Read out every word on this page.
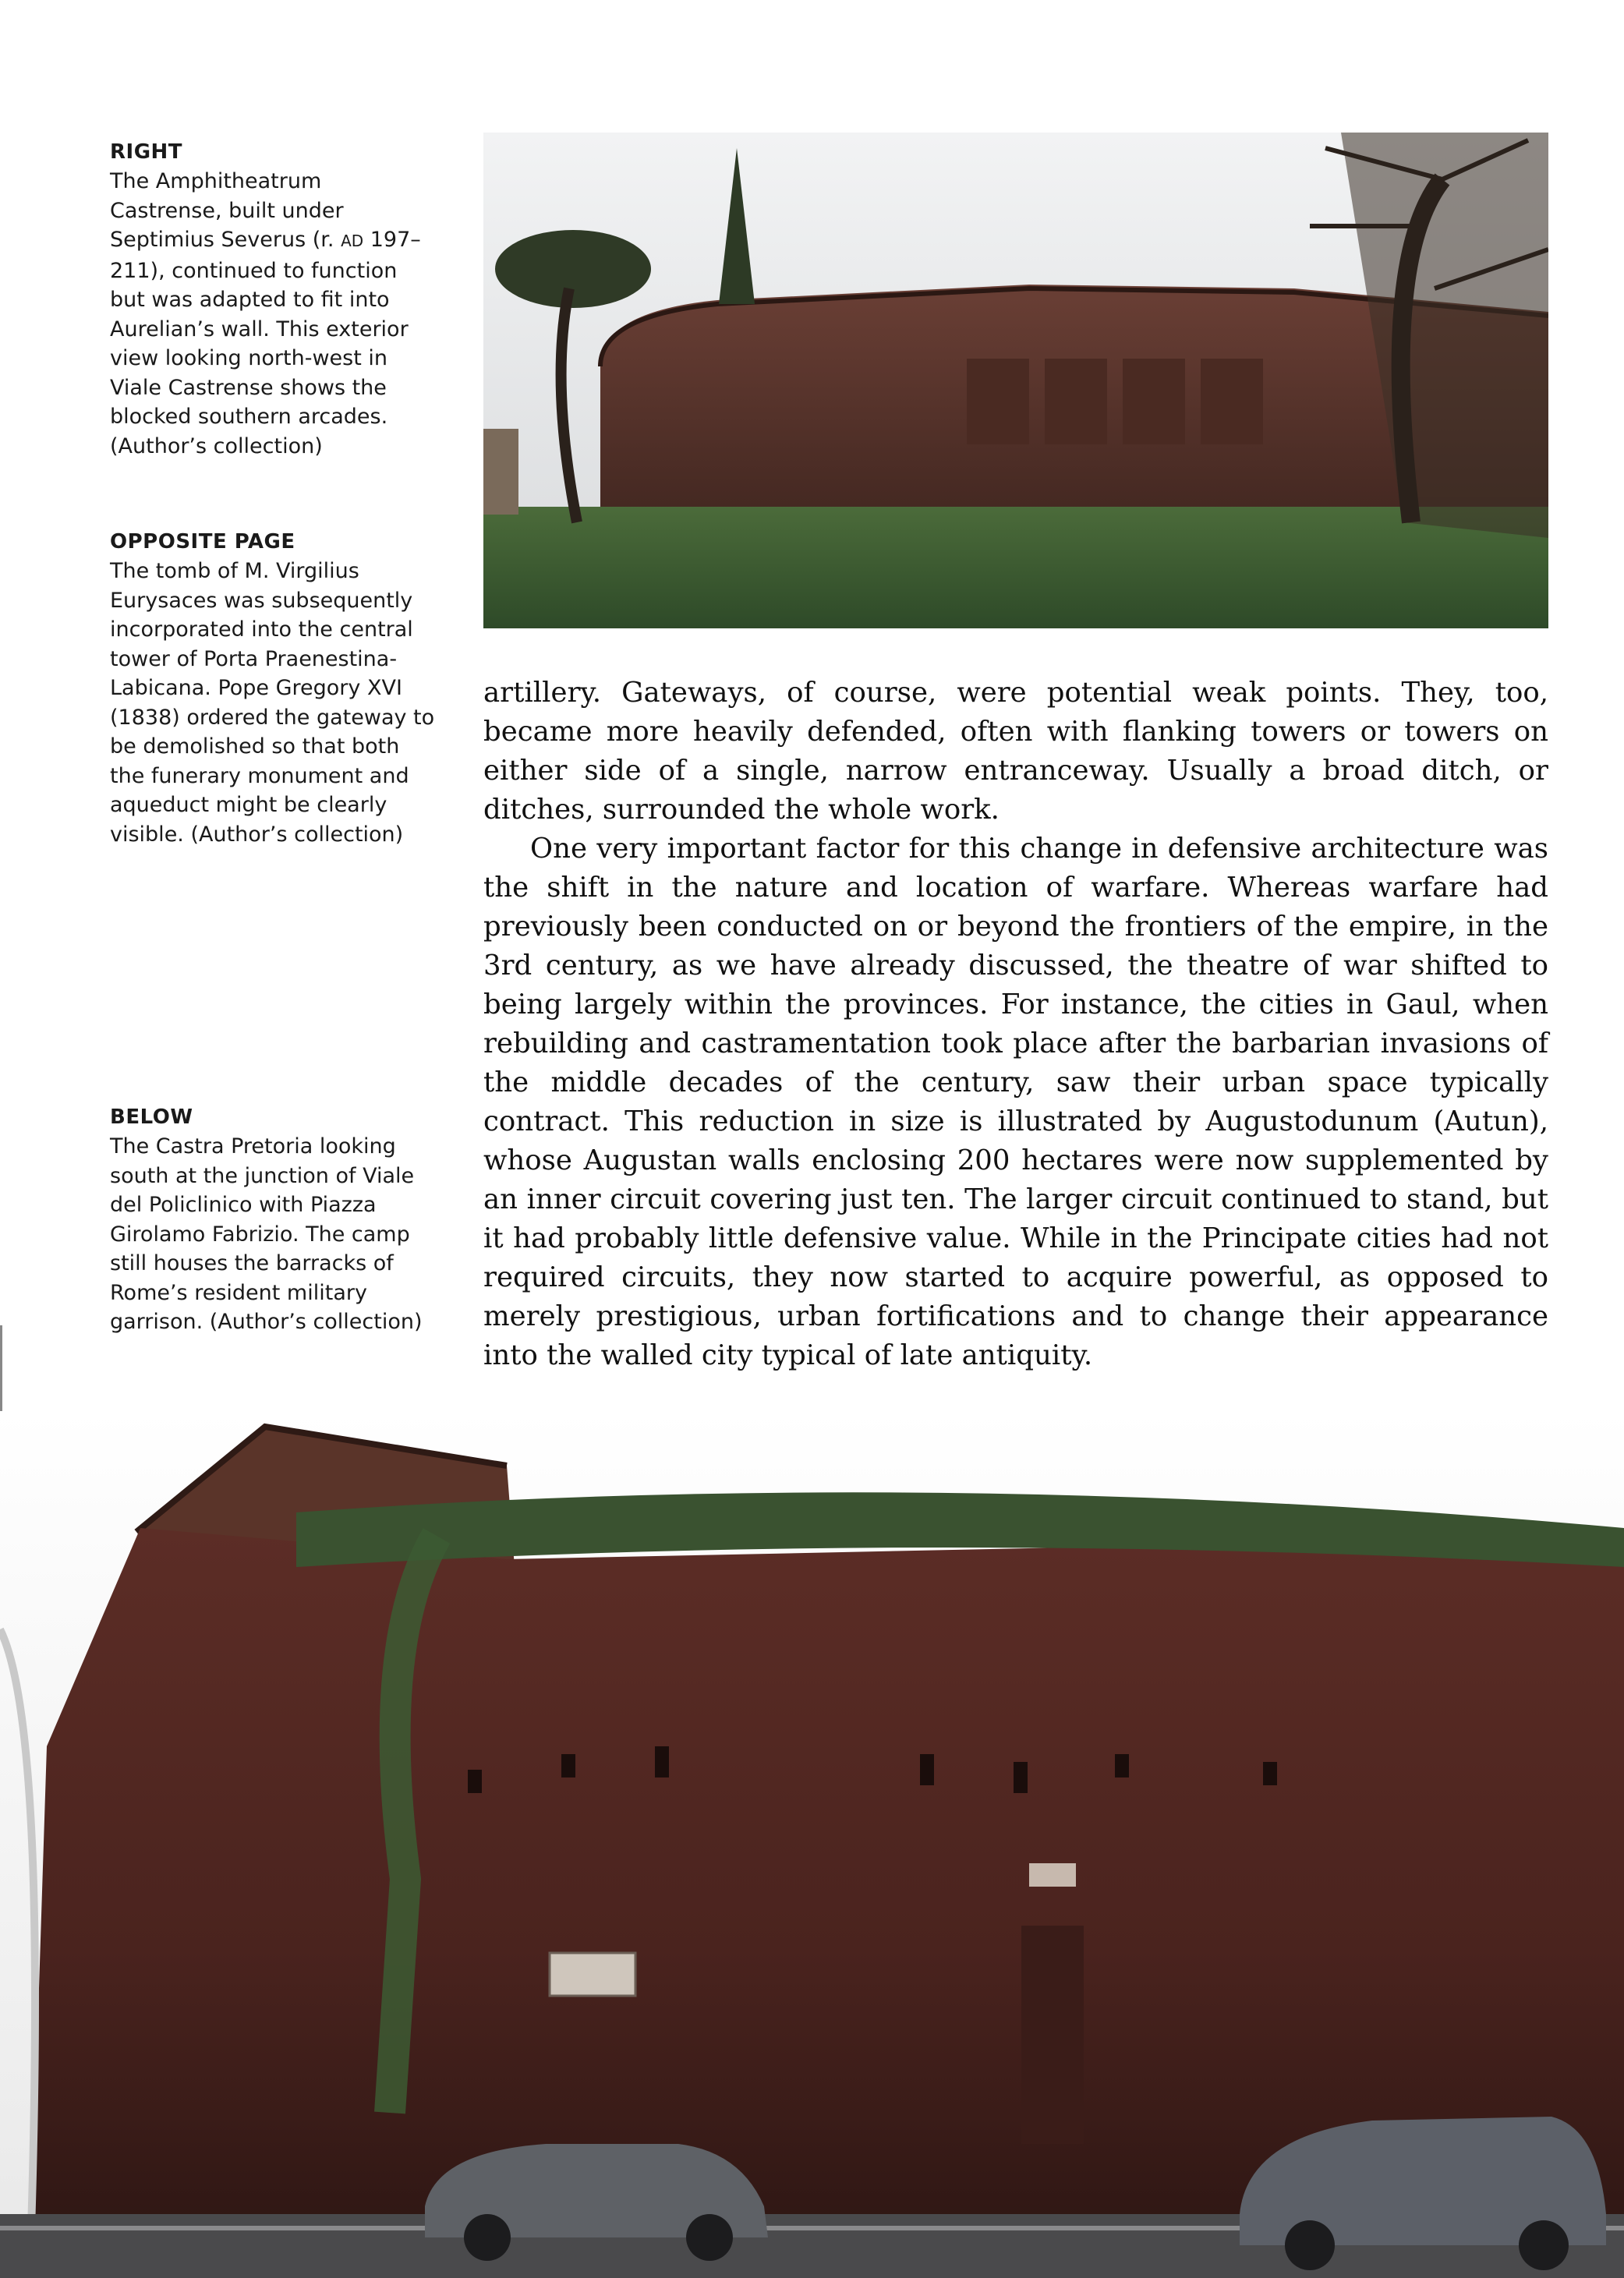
RIGHT

The Amphitheatrum Castrense, built under Septimius Severus (r. AD 197–211), continued to function but was adapted to fit into Aurelian’s wall. This exterior view looking north-west in Viale Castrense shows the blocked southern arcades. (Author’s collection)

OPPOSITE PAGE

The tomb of M. Virgilius Eurysaces was subsequently incorporated into the central tower of Porta Praenestina-Labicana. Pope Gregory XVI (1838) ordered the gateway to be demolished so that both the funerary monument and aqueduct might be clearly visible. (Author’s collection)

BELOW

The Castra Pretoria looking south at the junction of Viale del Policlinico with Piazza Girolamo Fabrizio. The camp still houses the barracks of Rome’s resident military garrison. (Author’s collection)

artillery. Gateways, of course, were potential weak points. They, too, became more heavily defended, often with flanking towers or towers on either side of a single, narrow entranceway. Usually a broad ditch, or ditches, surrounded the whole work.

One very important factor for this change in defensive architecture was the shift in the nature and location of warfare. Whereas warfare had previously been conducted on or beyond the frontiers of the empire, in the 3rd century, as we have already discussed, the theatre of war shifted to being largely within the provinces. For instance, the cities in Gaul, when rebuilding and castramentation took place after the barbarian invasions of the middle decades of the century, saw their urban space typically contract. This reduction in size is illustrated by Augustodunum (Autun), whose Augustan walls enclosing 200 hectares were now supplemented by an inner circuit covering just ten. The larger circuit continued to stand, but it had probably little defensive value. While in the Principate cities had not required circuits, they now started to acquire powerful, as opposed to merely prestigious, urban fortifications and to change their appearance into the walled city typical of late antiquity.
